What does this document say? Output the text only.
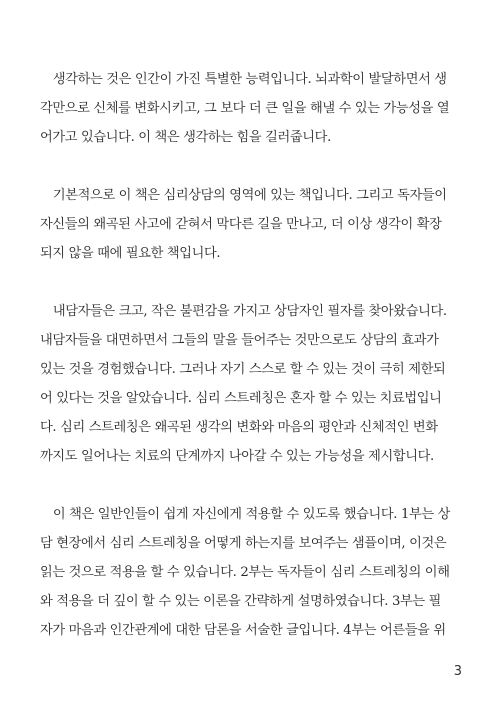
　생각하는 것은 인간이 가진 특별한 능력입니다. 뇌과학이 발달하면서 생
각만으로 신체를 변화시키고, 그 보다 더 큰 일을 해낼 수 있는 가능성을 열
어가고 있습니다. 이 책은 생각하는 힘을 길러줍니다.
　기본적으로 이 책은 심리상담의 영역에 있는 책입니다. 그리고 독자들이
자신들의 왜곡된 사고에 갇혀서 막다른 길을 만나고, 더 이상 생각이 확장
되지 않을 때에 필요한 책입니다.
　내담자들은 크고, 작은 불편감을 가지고 상담자인 필자를 찾아왔습니다.
내담자들을 대면하면서 그들의 말을 들어주는 것만으로도 상담의 효과가
있는 것을 경험했습니다. 그러나 자기 스스로 할 수 있는 것이 극히 제한되
어 있다는 것을 알았습니다. 심리 스트레칭은 혼자 할 수 있는 치료법입니
다. 심리 스트레칭은 왜곡된 생각의 변화와 마음의 평안과 신체적인 변화
까지도 일어나는 치료의 단계까지 나아갈 수 있는 가능성을 제시합니다.
　이 책은 일반인들이 쉽게 자신에게 적용할 수 있도록 했습니다. 1부는 상
담 현장에서 심리 스트레칭을 어떻게 하는지를 보여주는 샘플이며, 이것은
읽는 것으로 적용을 할 수 있습니다. 2부는 독자들이 심리 스트레칭의 이해
와 적용을 더 깊이 할 수 있는 이론을 간략하게 설명하였습니다. 3부는 필
자가 마음과 인간관계에 대한 담론을 서술한 글입니다. 4부는 어른들을 위
3
